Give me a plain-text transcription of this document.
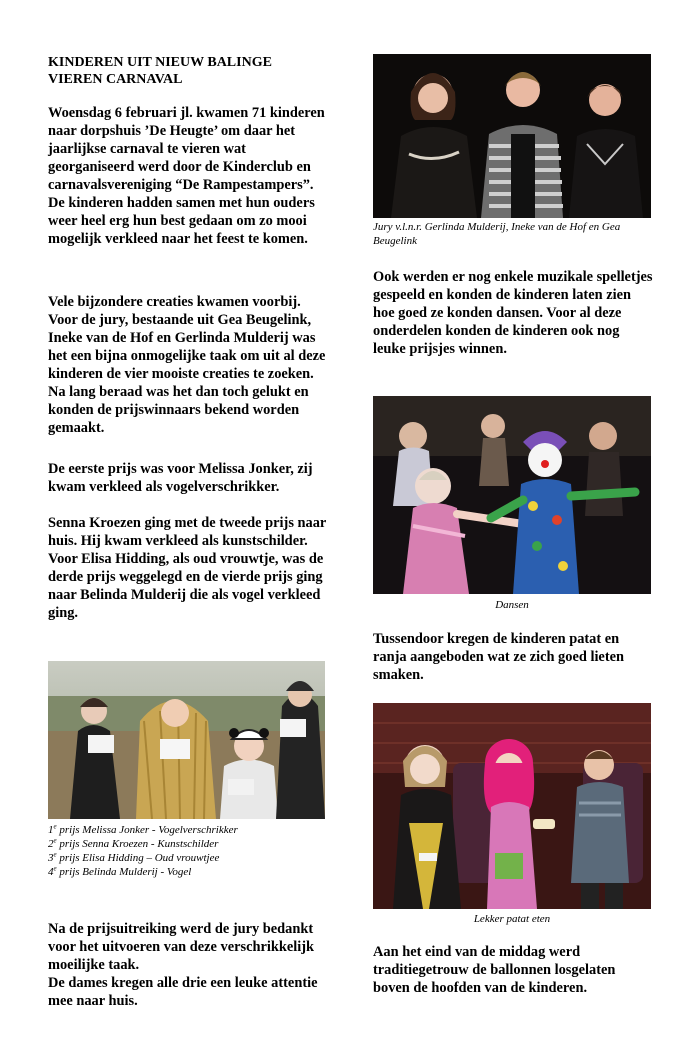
KINDEREN UIT NIEUW BALINGE VIEREN CARNAVAL

Woensdag 6 februari jl. kwamen 71 kinderen naar dorpshuis ’De Heugte’ om daar het jaarlijkse carnaval te vieren wat georganiseerd werd door de Kinderclub en carnavalsvereniging “De Rampestampers”. De kinderen hadden samen met hun ouders weer heel erg hun best gedaan om zo mooi mogelijk verkleed naar het feest te komen.

Vele bijzondere creaties kwamen voorbij. Voor de jury, bestaande uit Gea Beugelink, Ineke van de Hof en Gerlinda Mulderij was het een bijna onmogelijke taak om uit al deze kinderen de vier mooiste creaties te zoeken. Na lang beraad was het dan toch gelukt en konden de prijswinnaars bekend worden gemaakt.

De eerste prijs was voor Melissa Jonker, zij kwam verkleed als vogelverschrikker.

Senna Kroezen ging met de tweede prijs naar huis. Hij kwam verkleed als kunstschilder. Voor Elisa Hidding, als oud vrouwtje, was de derde prijs weggelegd en de vierde prijs ging naar Belinda Mulderij die als vogel verkleed ging.

1e prijs Melissa Jonker - Vogelverschrikker
2e prijs Senna Kroezen - Kunstschilder
3e prijs Elisa Hidding – Oud vrouwtjee
4e prijs Belinda Mulderij - Vogel

Na de prijsuitreiking werd de jury bedankt voor het uitvoeren van deze verschrikkelijk moeilijke taak.

De dames kregen alle drie een leuke attentie mee naar huis.

Jury v.l.n.r. Gerlinda Mulderij, Ineke van de Hof en Gea Beugelink

Ook werden er nog enkele muzikale spelletjes gespeeld en konden de kinderen laten zien hoe goed ze konden dansen. Voor al deze onderdelen konden de kinderen ook nog leuke prijsjes winnen.

Dansen

Tussendoor kregen de kinderen patat en ranja aangeboden wat ze zich goed lieten smaken.

Lekker patat eten

Aan het eind van de middag werd traditiegetrouw de ballonnen losgelaten boven de hoofden van de kinderen.
